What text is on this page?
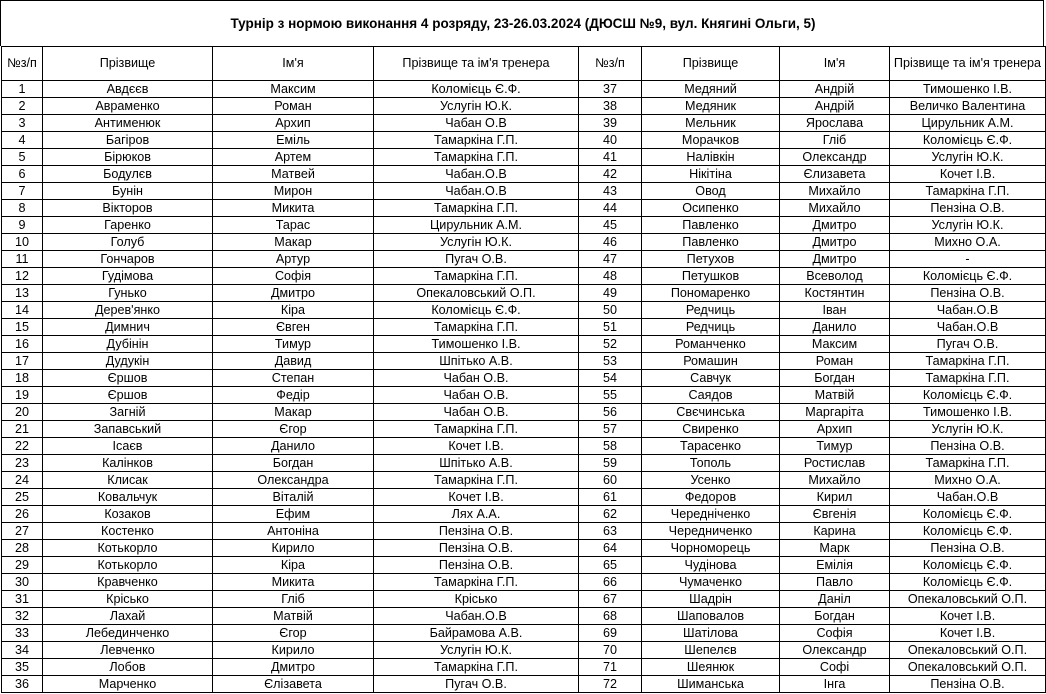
Турнір з нормою виконання 4 розряду, 23-26.03.2024 (ДЮСШ №9, вул. Княгині Ольги, 5)
№з/п	Прізвище	Ім'я	Прізвище та ім'я тренера	№з/п	Прізвище	Ім'я	Прізвище та ім'я тренера
1	Авдєєв	Максим	Коломієць Є.Ф.	37	Медяний	Андрій	Тимошенко І.В.
2	Авраменко	Роман	Услугін Ю.К.	38	Медяник	Андрій	Величко Валентина
3	Антименюк	Архип	Чабан О.В	39	Мельник	Ярослава	Цирульник А.М.
4	Багіров	Еміль	Тамаркіна Г.П.	40	Морачков	Гліб	Коломієць Є.Ф.
5	Бірюков	Артем	Тамаркіна Г.П.	41	Налівкін	Олександр	Услугін Ю.К.
6	Бодулєв	Матвей	Чабан.О.В	42	Нікітіна	Єлизавета	Кочет І.В.
7	Бунін	Мирон	Чабан.О.В	43	Овод	Михайло	Тамаркіна Г.П.
8	Вікторов	Микита	Тамаркіна Г.П.	44	Осипенко	Михайло	Пензіна О.В.
9	Гаренко	Тарас	Цирульник А.М.	45	Павленко	Дмитро	Услугін Ю.К.
10	Голуб	Макар	Услугін Ю.К.	46	Павленко	Дмитро	Михно О.А.
11	Гончаров	Артур	Пугач О.В.	47	Петухов	Дмитро	-
12	Гудімова	Софія	Тамаркіна Г.П.	48	Петушков	Всеволод	Коломієць Є.Ф.
13	Гунько	Дмитро	Опекаловський О.П.	49	Пономаренко	Костянтин	Пензіна О.В.
14	Дерев'янко	Кіра	Коломієць Є.Ф.	50	Редчиць	Іван	Чабан.О.В
15	Димнич	Євген	Тамаркіна Г.П.	51	Редчиць	Данило	Чабан.О.В
16	Дубінін	Тимур	Тимошенко І.В.	52	Романченко	Максим	Пугач О.В.
17	Дудукін	Давид	Шпітько А.В.	53	Ромашин	Роман	Тамаркіна Г.П.
18	Єршов	Степан	Чабан О.В.	54	Савчук	Богдан	Тамаркіна Г.П.
19	Єршов	Федір	Чабан О.В.	55	Саядов	Матвій	Коломієць Є.Ф.
20	Загній	Макар	Чабан О.В.	56	Свєчинська	Маргаріта	Тимошенко І.В.
21	Запавський	Єгор	Тамаркіна Г.П.	57	Свиренко	Архип	Услугін Ю.К.
22	Ісаєв	Данило	Кочет І.В.	58	Тарасенко	Тимур	Пензіна О.В.
23	Калінков	Богдан	Шпітько А.В.	59	Тополь	Ростислав	Тамаркіна Г.П.
24	Клисак	Олександра	Тамаркіна Г.П.	60	Усенко	Михайло	Михно О.А.
25	Ковальчук	Віталій	Кочет І.В.	61	Федоров	Кирил	Чабан.О.В
26	Козаков	Ефим	Лях А.А.	62	Чередніченко	Євгенія	Коломієць Є.Ф.
27	Костенко	Антоніна	Пензіна О.В.	63	Чередниченко	Карина	Коломієць Є.Ф.
28	Котькорло	Кирило	Пензіна О.В.	64	Чорноморець	Марк	Пензіна О.В.
29	Котькорло	Кіра	Пензіна О.В.	65	Чудінова	Емілія	Коломієць Є.Ф.
30	Кравченко	Микита	Тамаркіна Г.П.	66	Чумаченко	Павло	Коломієць Є.Ф.
31	Крісько	Гліб	Крісько	67	Шадрін	Даніл	Опекаловський О.П.
32	Лахай	Матвій	Чабан.О.В	68	Шаповалов	Богдан	Кочет І.В.
33	Лебединченко	Єгор	Байрамова А.В.	69	Шатілова	Софія	Кочет І.В.
34	Левченко	Кирило	Услугін Ю.К.	70	Шепелєв	Олександр	Опекаловський О.П.
35	Лобов	Дмитро	Тамаркіна Г.П.	71	Шеянюк	Софі	Опекаловський О.П.
36	Марченко	Єлізавета	Пугач О.В.	72	Шиманська	Інга	Пензіна О.В.
